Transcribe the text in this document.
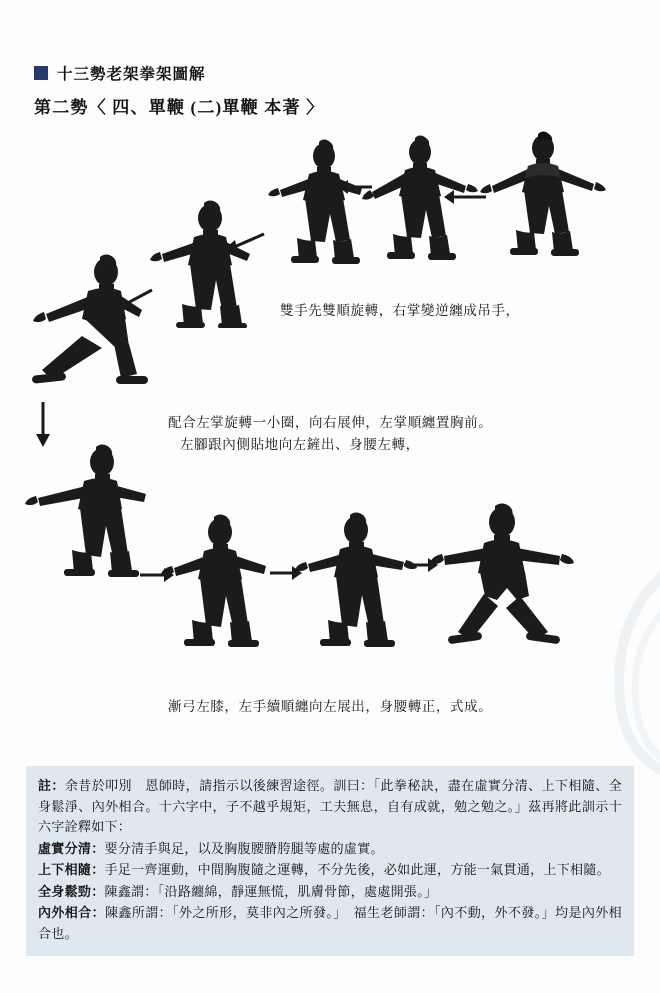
十三勢老架拳架圖解
第二勢〈 四、單鞭 (二)單鞭 本著 〉
雙手先雙順旋轉，右掌變逆纏成吊手，
配合左掌旋轉一小圈，向右展伸，左掌順纏置胸前。
左腳跟內側貼地向左鏟出、身腰左轉，
漸弓左膝，左手續順纏向左展出，身腰轉正，式成。

註：余昔於叩別　恩師時，請指示以後練習途徑。訓曰：「此拳秘訣，盡在虛實分清、上下相隨、全身鬆淨、內外相合。十六字中，子不越乎規矩，工夫無息，自有成就，勉之勉之。」茲再將此訓示十六字詮釋如下：

虛實分清：要分清手與足，以及胸腹腰膌胯腿等處的虛實。

上下相隨：手足一齊運動，中間胸腹隨之運轉，不分先後，必如此運，方能一氣貫通，上下相隨。

全身鬆勁：陳鑫謂：「沿路纏綿，靜運無慌，肌膚骨節，處處開張。」

內外相合：陳鑫所謂：「外之所形，莫非內之所發。」　福生老師謂：「內不動，外不發。」均是內外相合也。
